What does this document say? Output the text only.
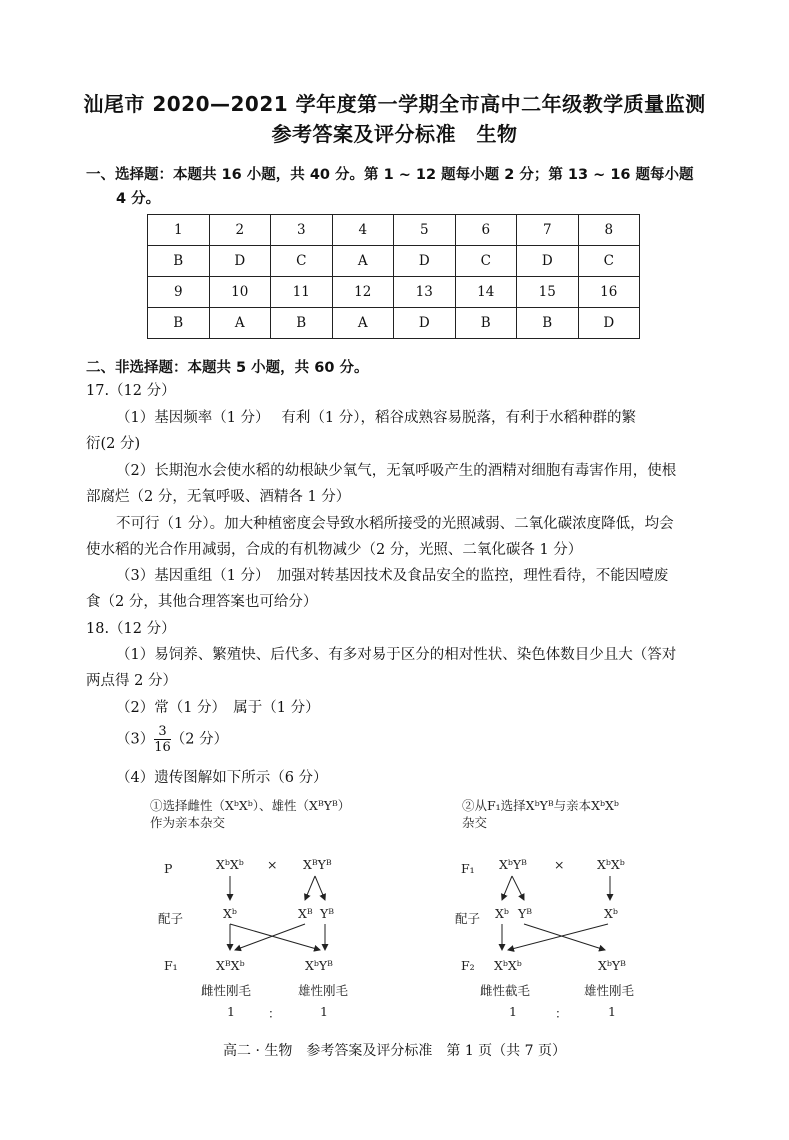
汕尾市 2020—2021 学年度第一学期全市高中二年级教学质量监测
参考答案及评分标准　生物
一、选择题：本题共 16 小题，共 40 分。第 1 ~ 12 题每小题 2 分；第 13 ~ 16 题每小题
4 分。
1	2	3	4	5	6	7	8
B	D	C	A	D	C	D	C
9	10	11	12	13	14	15	16
B	A	B	A	D	B	B	D
二、非选择题：本题共 5 小题，共 60 分。
17.（12 分）
（1）基因频率（1 分）　 有利（1 分），稻谷成熟容易脱落，有利于水稻种群的繁
衍(2 分)
（2）长期泡水会使水稻的幼根缺少氧气，无氧呼吸产生的酒精对细胞有毒害作用，使根
部腐烂（2 分，无氧呼吸、酒精各 1 分）
不可行（1 分）。加大种植密度会导致水稻所接受的光照减弱、二氧化碳浓度降低，均会
使水稻的光合作用减弱，合成的有机物减少（2 分，光照、二氧化碳各 1 分）
（3）基因重组（1 分）　加强对转基因技术及食品安全的监控，理性看待，不能因噎废
食（2 分，其他合理答案也可给分）
18.（12 分）
（1）易饲养、繁殖快、后代多、有多对易于区分的相对性状、染色体数目少且大（答对
两点得 2 分）
（2）常（1 分）　属于（1 分）
$(3) \frac{3}{16} (2$ 分）
（4）遗传图解如下所示（6 分）
①选择雌性（XᵇXᵇ）、雄性（XᴮYᴮ）
作为亲本杂交
P	XᵇXᵇ × XᴮYᴮ
配子	Xᵇ	Xᴮ Yᴮ
F₁	XᴮXᵇ	XᵇYᴮ
雌性刚毛	雄性刚毛
1	：	1
②从F₁选择XᵇYᴮ与亲本XᵇXᵇ
杂交
F₁ XᵇYᴮ ×	XᵇXᵇ
配子 Xᵇ Yᴮ	Xᵇ
F₂ XᵇXᵇ	XᵇYᴮ
雌性截毛	雄性刚毛
1	：	1
高二 · 生物　参考答案及评分标准　第 1 页（共 7 页）
